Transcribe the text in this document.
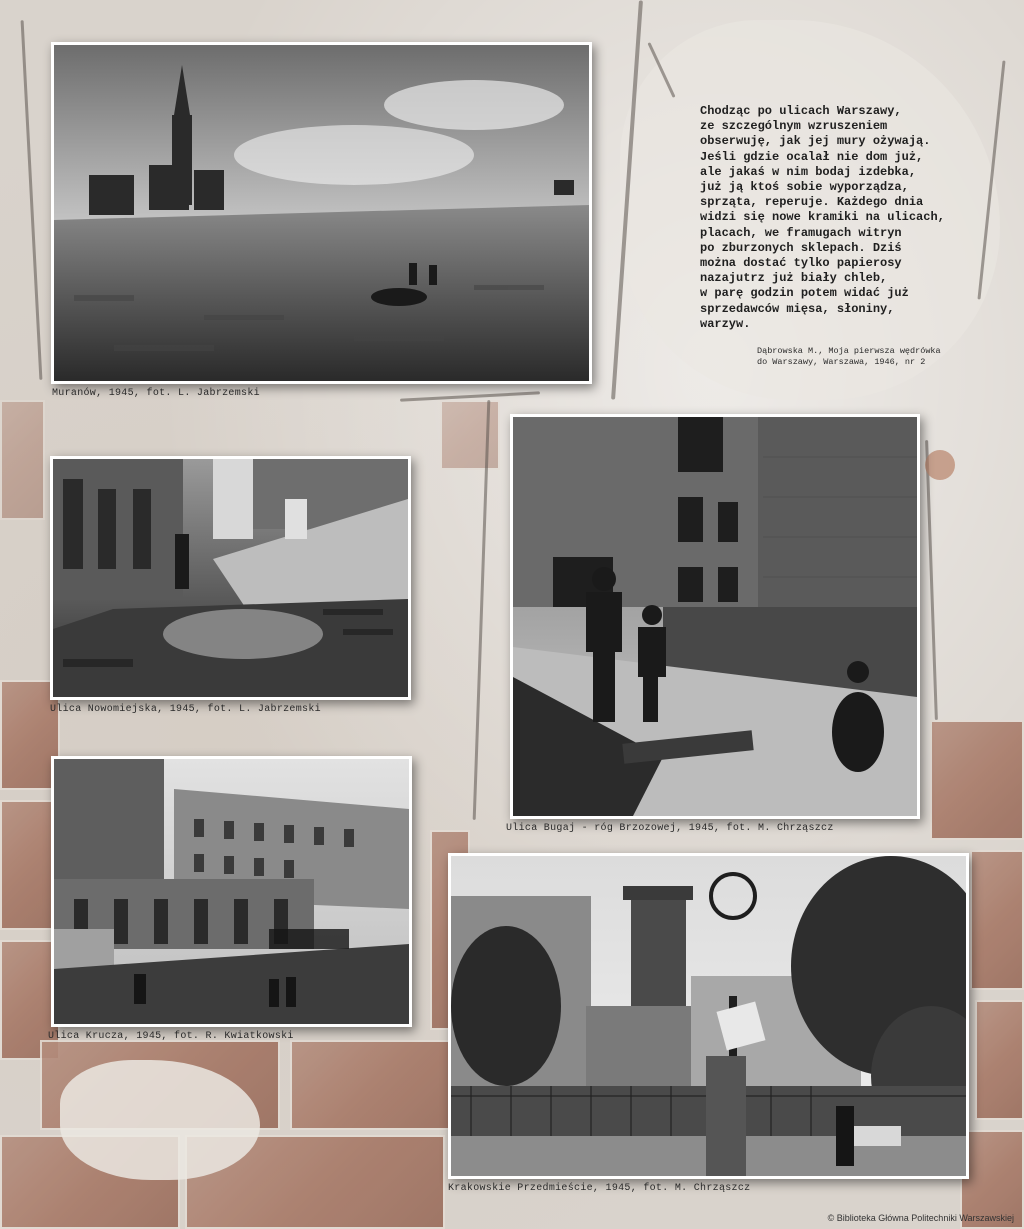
Muranów, 1945, fot. L. Jabrzemski
Chodząc po ulicach Warszawy,
ze szczególnym wzruszeniem
obserwuję, jak jej mury ożywają.
Jeśli gdzie ocalał nie dom już,
ale jakaś w nim bodaj izdebka,
już ją ktoś sobie wyporządza,
sprząta, reperuje. Każdego dnia
widzi się nowe kramiki na ulicach,
placach, we framugach witryn
po zburzonych sklepach. Dziś
można dostać tylko papierosy
nazajutrz już biały chleb,
w parę godzin potem widać już
sprzedawców mięsa, słoniny,
warzyw.
Dąbrowska M., Moja pierwsza wędrówka
do Warszawy, Warszawa, 1946, nr 2
Ulica Nowomiejska, 1945, fot. L. Jabrzemski
Ulica Bugaj - róg Brzozowej, 1945, fot. M. Chrząszcz
Ulica Krucza, 1945, fot. R. Kwiatkowski
Krakowskie Przedmieście, 1945, fot. M. Chrząszcz
© Biblioteka Główna Politechniki Warszawskiej
